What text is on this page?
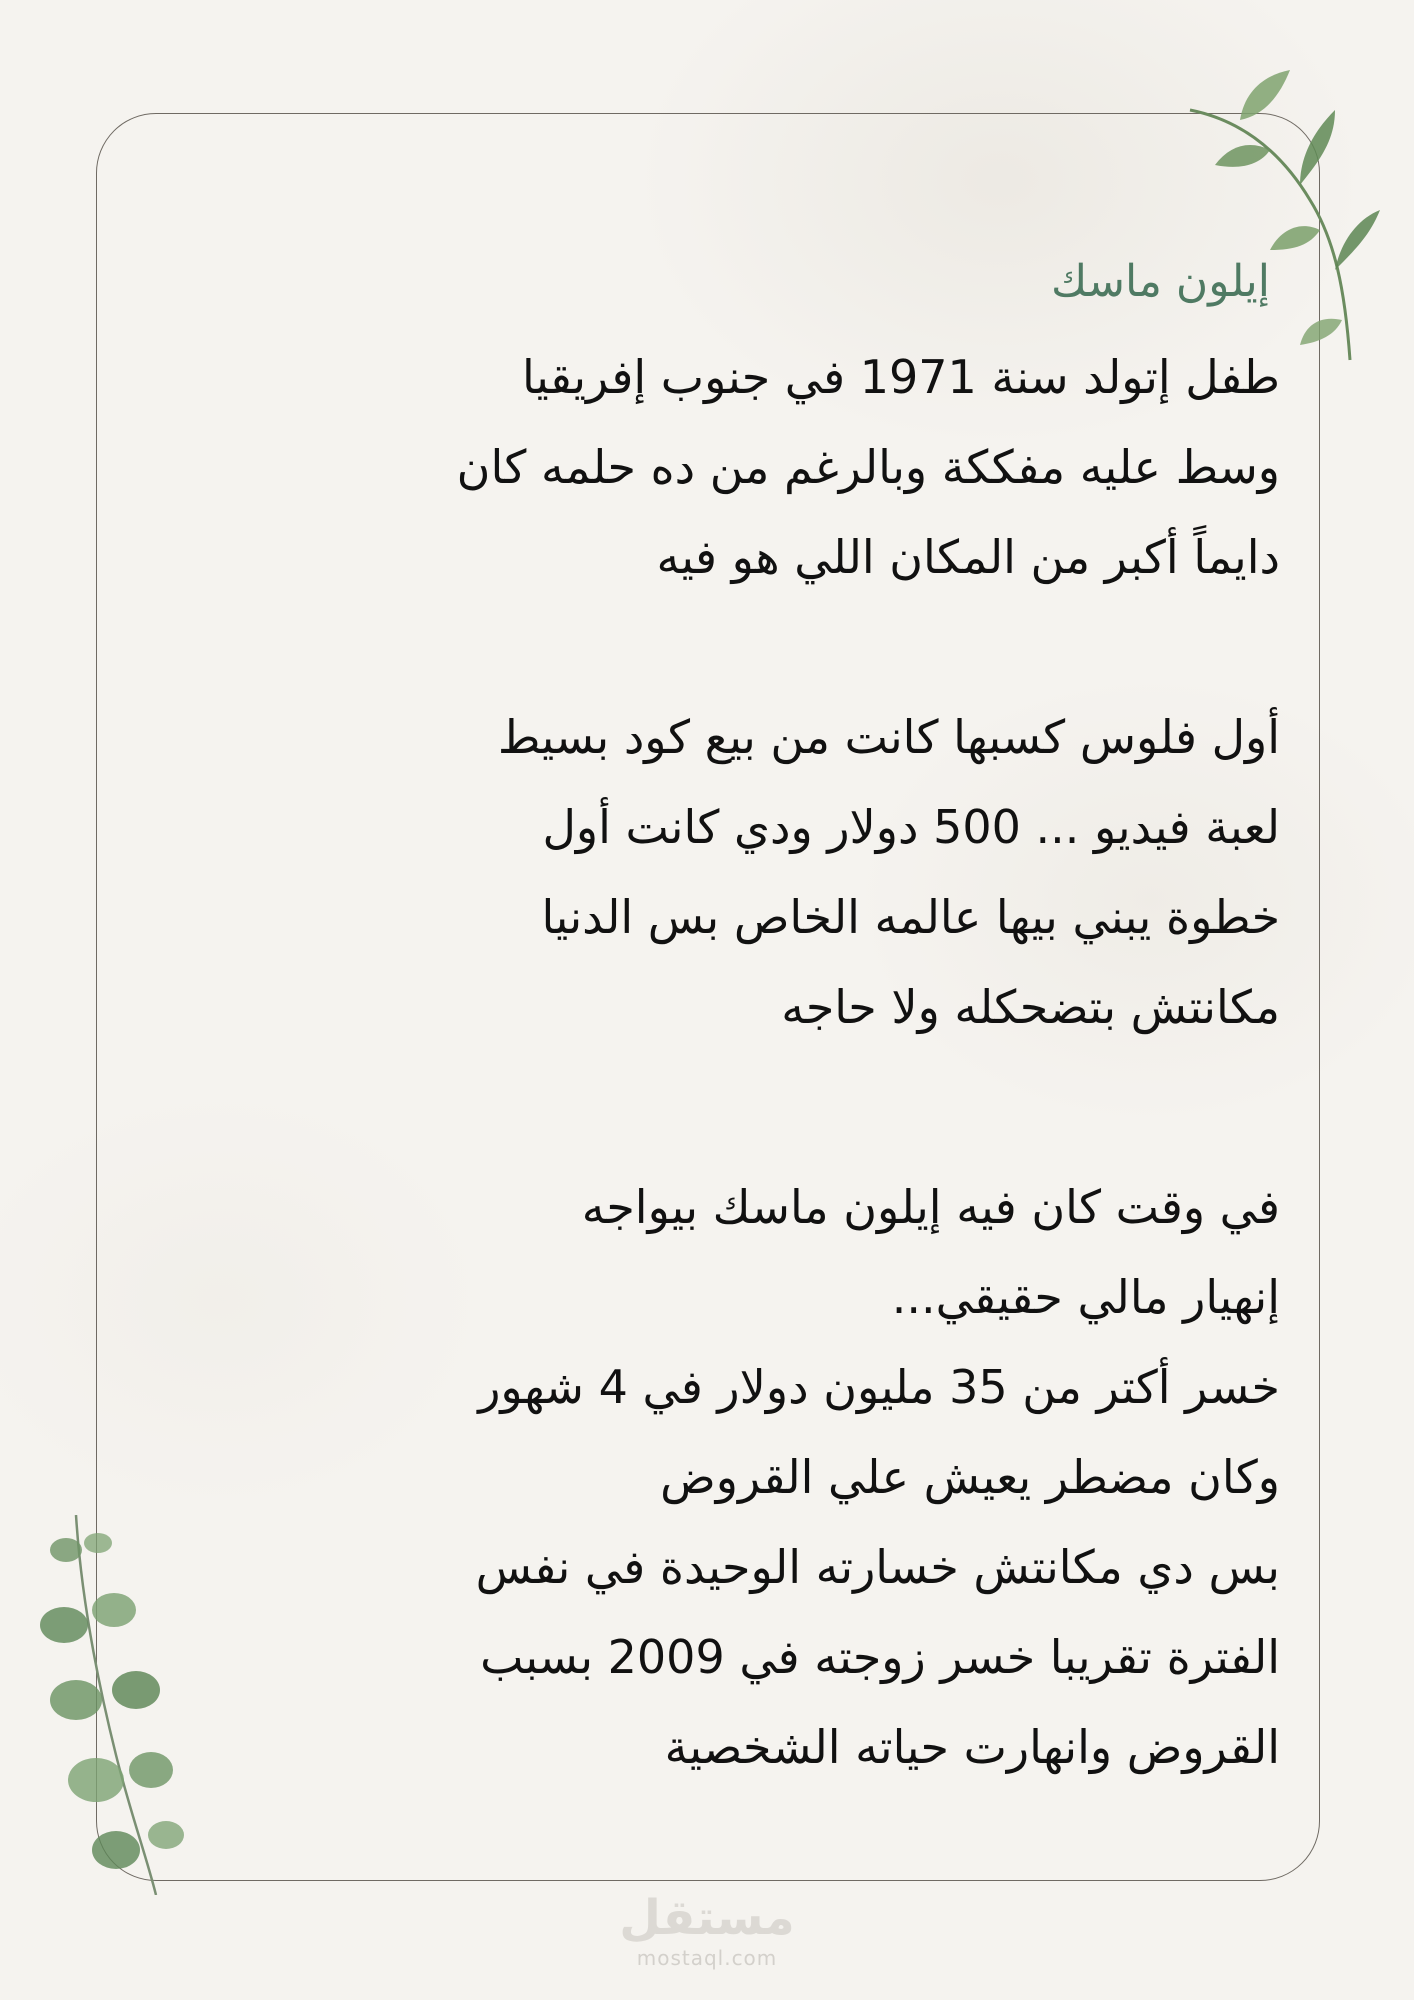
إيلون ماسك

طفل إتولد سنة 1971 في جنوب إفريقيا
وسط عليه مفككة وبالرغم من ده حلمه كان
دايماً أكبر من المكان اللي هو فيه

أول فلوس كسبها كانت من بيع كود بسيط
لعبة فيديو ... 500 دولار ودي كانت أول
خطوة يبني بيها عالمه الخاص بس الدنيا
مكانتش بتضحكله ولا حاجه

في وقت كان فيه إيلون ماسك بيواجه
إنهيار مالي حقيقي...
خسر أكتر من 35 مليون دولار في 4 شهور
وكان مضطر يعيش علي القروض
بس دي مكانتش خسارته الوحيدة في نفس
الفترة تقريبا خسر زوجته في 2009 بسبب
القروض وانهارت حياته الشخصية

مستقل
mostaql.com
